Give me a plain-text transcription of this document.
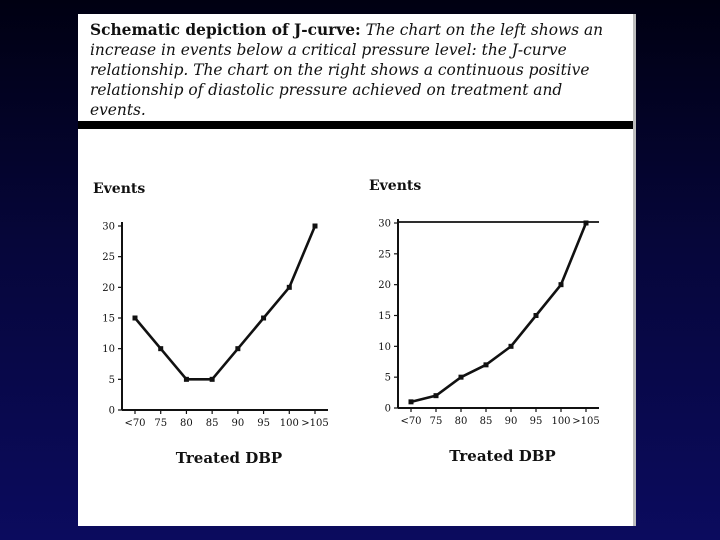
Schematic depiction of J-curve: The chart on the left shows an increase in events below a critical pressure level: the J-curve relationship. The chart on the right shows a continuous positive relationship of diastolic pressure achieved on treatment and events.
Events
0
5
10
15
20
25
30
<70 75 80 85 90 95 100 >105
Treated DBP
Events
0
5
10
15
20
25
30
<70 75 80 85 90 95 100 >105
Treated DBP
